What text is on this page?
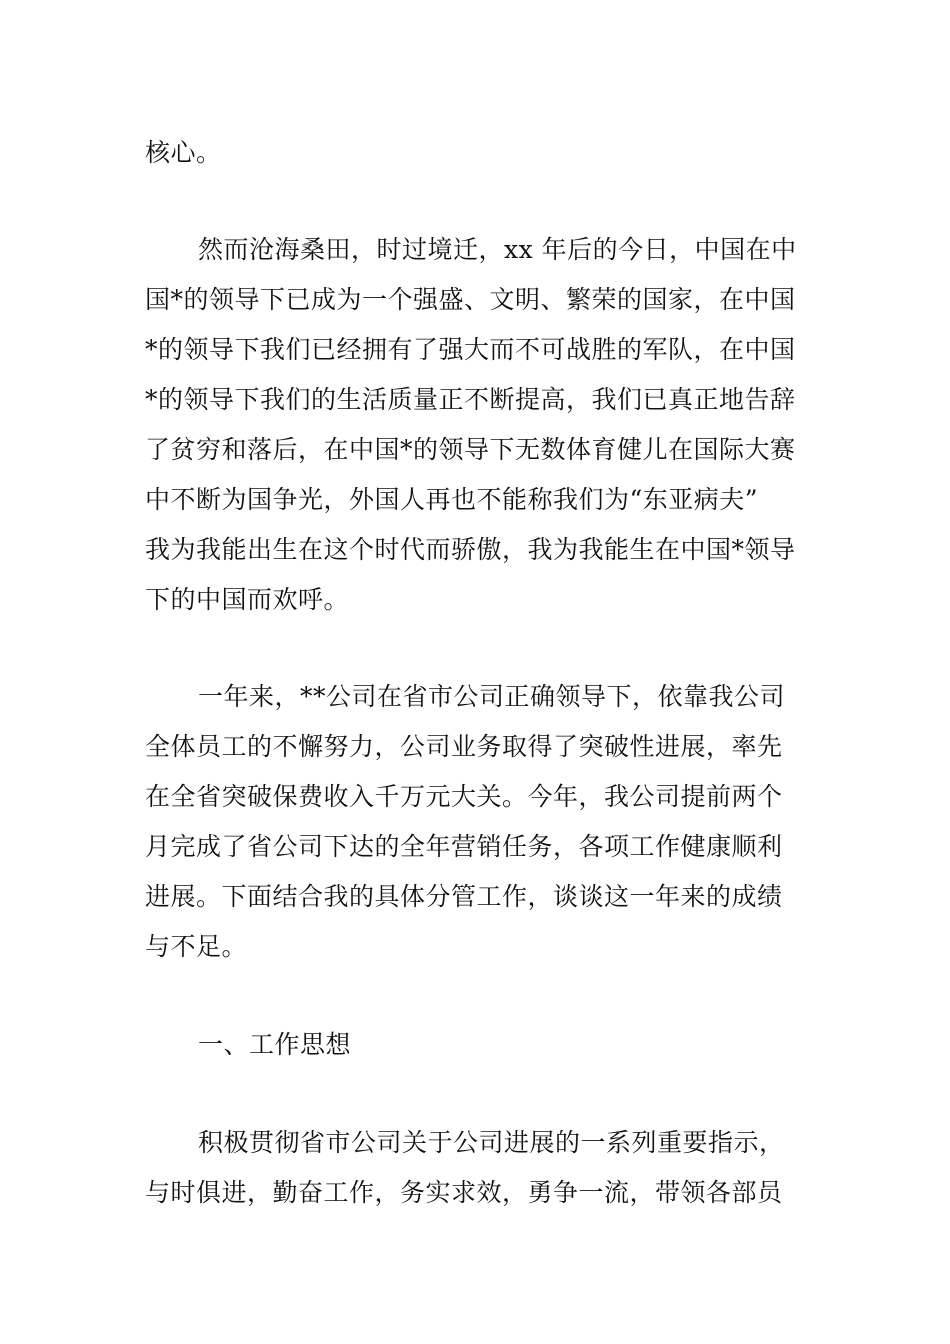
核心。
然而沧海桑田，时过境迁，xx 年后的今日，中国在中
国*的领导下已成为一个强盛、文明、繁荣的国家，在中国
*的领导下我们已经拥有了强大而不可战胜的军队，在中国
*的领导下我们的生活质量正不断提高，我们已真正地告辞
了贫穷和落后，在中国*的领导下无数体育健儿在国际大赛
中不断为国争光，外国人再也不能称我们为“东亚病夫”
我为我能出生在这个时代而骄傲，我为我能生在中国*领导
下的中国而欢呼。
一年来，**公司在省市公司正确领导下，依靠我公司
全体员工的不懈努力，公司业务取得了突破性进展，率先
在全省突破保费收入千万元大关。今年，我公司提前两个
月完成了省公司下达的全年营销任务，各项工作健康顺利
进展。下面结合我的具体分管工作，谈谈这一年来的成绩
与不足。
一、工作思想
积极贯彻省市公司关于公司进展的一系列重要指示，
与时俱进，勤奋工作，务实求效，勇争一流，带领各部员
